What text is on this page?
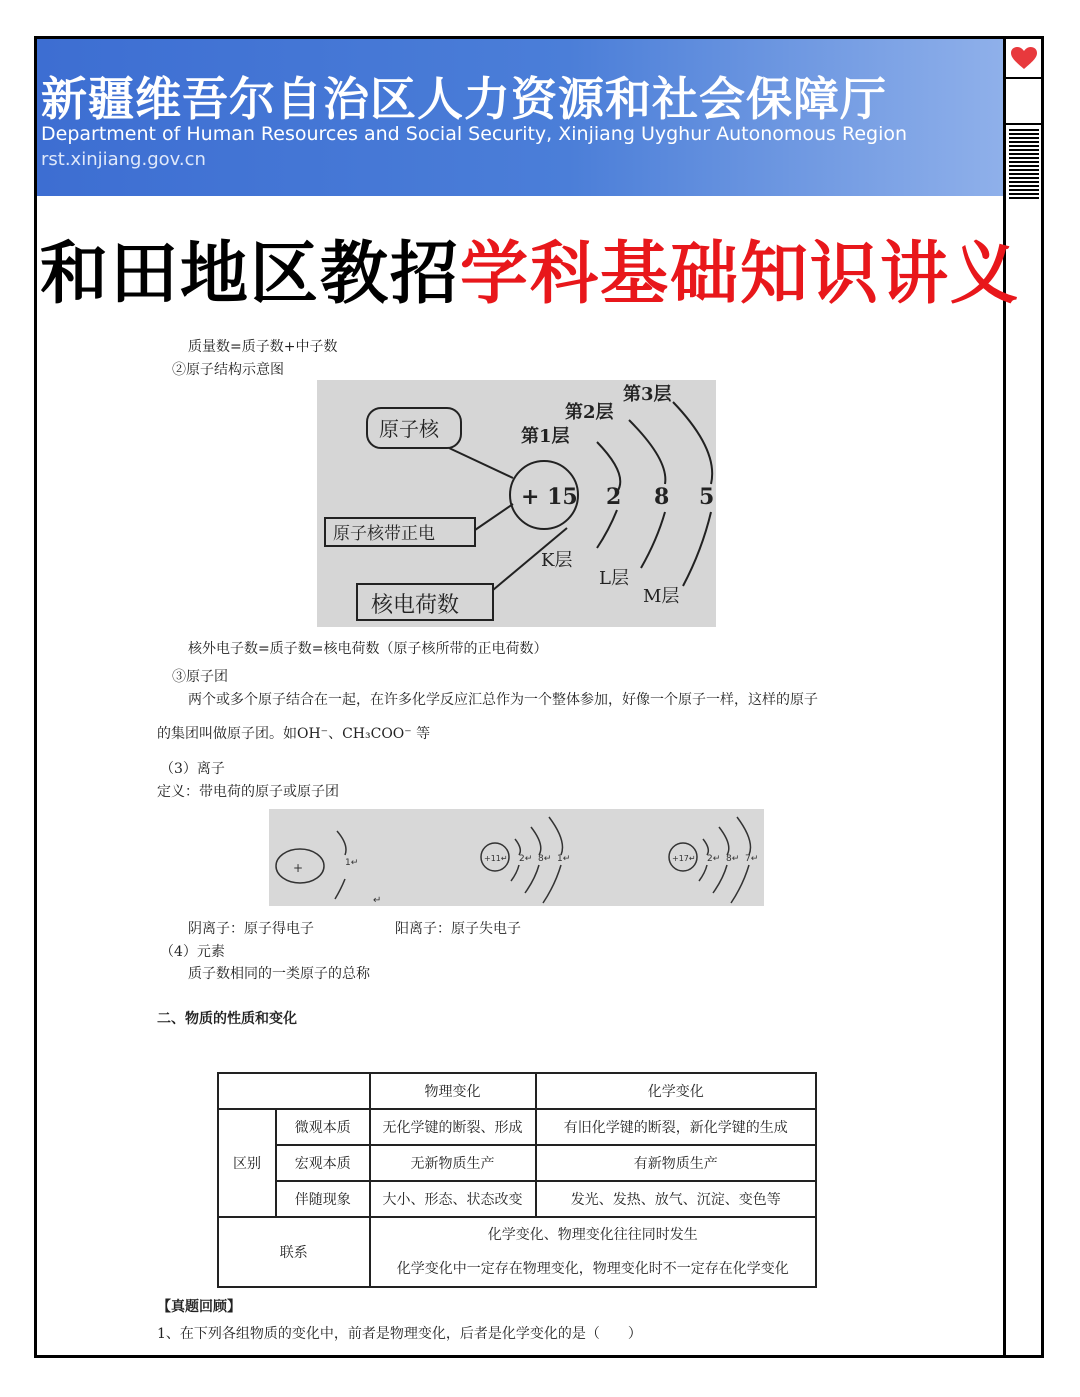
新疆维吾尔自治区人力资源和社会保障厅
Department of Human Resources and Social Security, Xinjiang Uyghur Autonomous Region
rst.xinjiang.gov.cn
和田地区教招学科基础知识讲义
质量数=质子数+中子数
②原子结构示意图
原子核
原子核带正电
核电荷数
+ 15
第1层
第2层
第3层
2 8 5
K层
L层
M层
核外电子数=质子数=核电荷数（原子核所带的正电荷数）
③原子团
两个或多个原子结合在一起，在许多化学反应汇总作为一个整体参加，好像一个原子一样，这样的原子
的集团叫做原子团。如OH⁻、CH₃COO⁻ 等
（3）离子
定义：带电荷的原子或原子团
+	1↵	+11↵ 2↵  8↵  1↵	+17↵ 2↵  8↵  7↵
↵
阴离子：原子得电子	阳离子：原子失电子
（4）元素
质子数相同的一类原子的总称
二、物质的性质和变化
		物理变化	化学变化
区别	微观本质	无化学键的断裂、形成	有旧化学键的断裂，新化学键的生成
	宏观本质	无新物质生产	有新物质生产
	伴随现象	大小、形态、状态改变	发光、发热、放气、沉淀、变色等
联系		化学变化、物理变化往往同时发生
化学变化中一定存在物理变化，物理变化时不一定存在化学变化	
【真题回顾】
1、在下列各组物质的变化中，前者是物理变化，后者是化学变化的是（　　）
